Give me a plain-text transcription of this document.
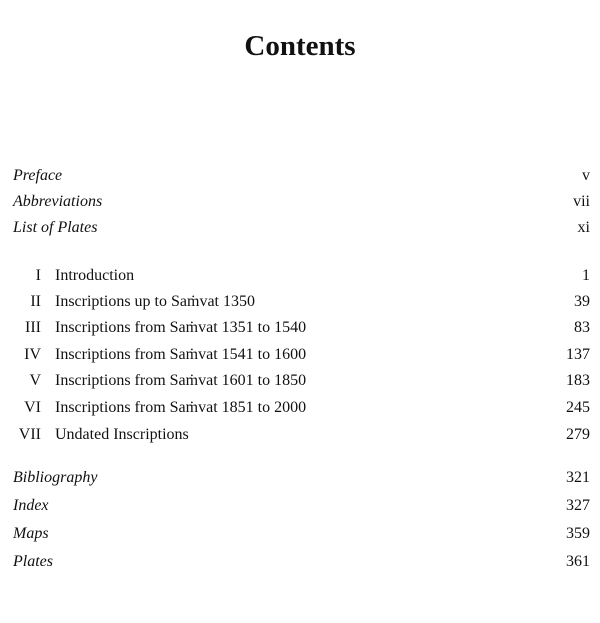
Contents
Preface	v
Abbreviations	vii
List of Plates	xi
I Introduction	1
II Inscriptions up to Saṁvat 1350	39
III Inscriptions from Saṁvat 1351 to 1540	83
IV Inscriptions from Saṁvat 1541 to 1600	137
V Inscriptions from Saṁvat 1601 to 1850	183
VI Inscriptions from Saṁvat 1851 to 2000	245
VII Undated Inscriptions	279
Bibliography	321
Index	327
Maps	359
Plates	361
